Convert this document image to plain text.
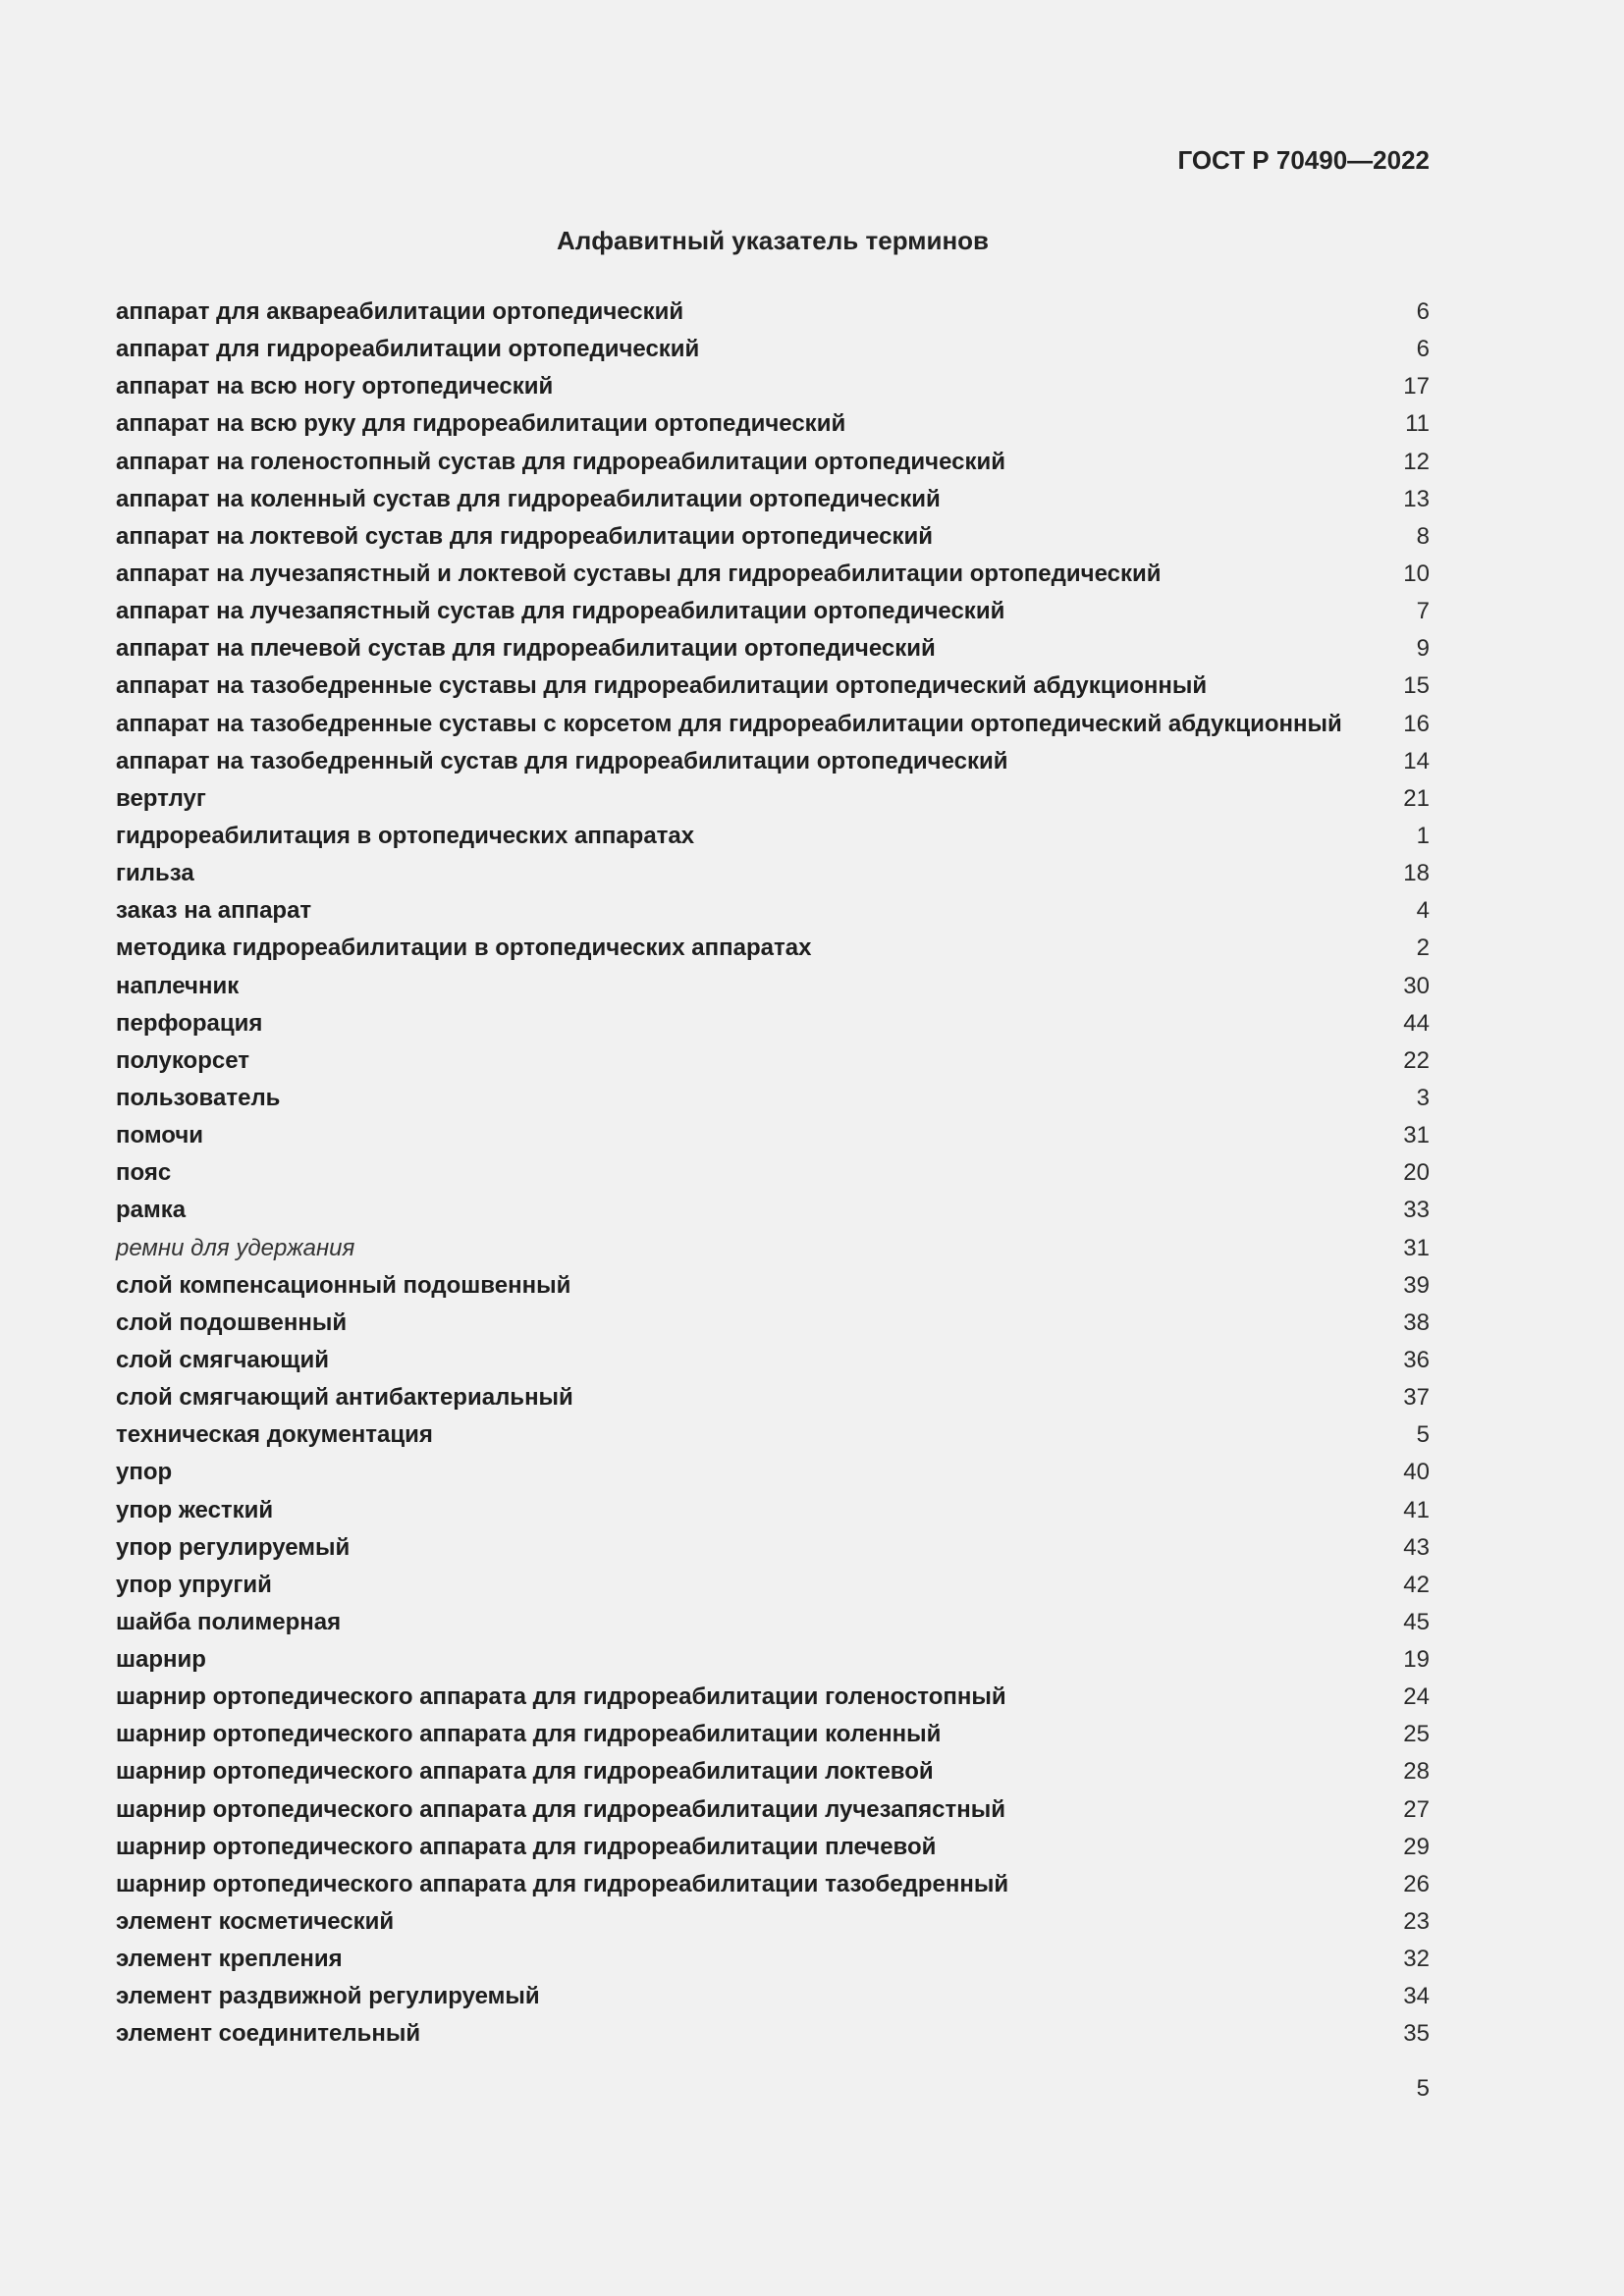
ГОСТ Р 70490—2022
Алфавитный указатель терминов
аппарат для аквареабилитации ортопедический	6
аппарат для гидрореабилитации ортопедический	6
аппарат на всю ногу ортопедический	17
аппарат на всю руку для гидрореабилитации ортопедический	11
аппарат на голеностопный сустав для гидрореабилитации ортопедический	12
аппарат на коленный сустав для гидрореабилитации ортопедический	13
аппарат на локтевой сустав для гидрореабилитации ортопедический	8
аппарат на лучезапястный и локтевой суставы для гидрореабилитации ортопедический	10
аппарат на лучезапястный сустав для гидрореабилитации ортопедический	7
аппарат на плечевой сустав для гидрореабилитации ортопедический	9
аппарат на тазобедренные суставы для гидрореабилитации ортопедический абдукционный	15
аппарат на тазобедренные суставы с корсетом для гидрореабилитации ортопедический абдукционный	16
аппарат на тазобедренный сустав для гидрореабилитации ортопедический	14
вертлуг	21
гидрореабилитация в ортопедических аппаратах	1
гильза	18
заказ на аппарат	4
методика гидрореабилитации в ортопедических аппаратах	2
наплечник	30
перфорация	44
полукорсет	22
пользователь	3
помочи	31
пояс	20
рамка	33
ремни для удержания	31
слой компенсационный подошвенный	39
слой подошвенный	38
слой смягчающий	36
слой смягчающий антибактериальный	37
техническая документация	5
упор	40
упор жесткий	41
упор регулируемый	43
упор упругий	42
шайба полимерная	45
шарнир	19
шарнир ортопедического аппарата для гидрореабилитации голеностопный	24
шарнир ортопедического аппарата для гидрореабилитации коленный	25
шарнир ортопедического аппарата для гидрореабилитации локтевой	28
шарнир ортопедического аппарата для гидрореабилитации лучезапястный	27
шарнир ортопедического аппарата для гидрореабилитации плечевой	29
шарнир ортопедического аппарата для гидрореабилитации тазобедренный	26
элемент косметический	23
элемент крепления	32
элемент раздвижной регулируемый	34
элемент соединительный	35
5
